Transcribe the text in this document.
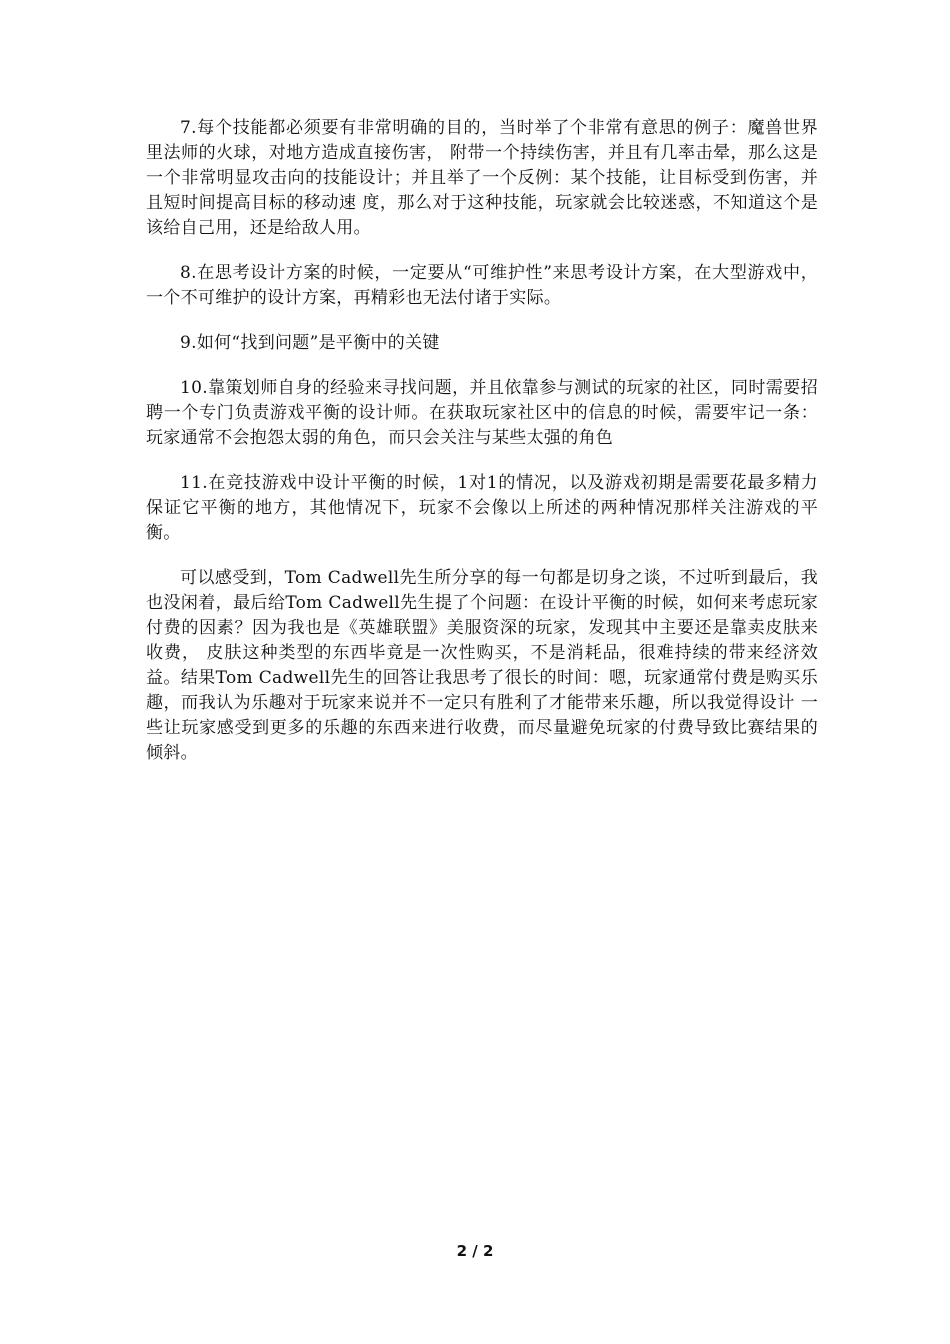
7.每个技能都必须要有非常明确的目的，当时举了个非常有意思的例子：魔兽世界里法师的火球，对地方造成直接伤害， 附带一个持续伤害，并且有几率击晕，那么这是一个非常明显攻击向的技能设计；并且举了一个反例：某个技能，让目标受到伤害，并且短时间提高目标的移动速 度，那么对于这种技能，玩家就会比较迷惑，不知道这个是该给自己用，还是给敌人用。

8.在思考设计方案的时候，一定要从“可维护性”来思考设计方案，在大型游戏中，一个不可维护的设计方案，再精彩也无法付诸于实际。

9.如何“找到问题”是平衡中的关键

10.靠策划师自身的经验来寻找问题，并且依靠参与测试的玩家的社区，同时需要招聘一个专门负责游戏平衡的设计师。在获取玩家社区中的信息的时候，需要牢记一条：玩家通常不会抱怨太弱的角色，而只会关注与某些太强的角色

11.在竞技游戏中设计平衡的时候，1对1的情况，以及游戏初期是需要花最多精力保证它平衡的地方，其他情况下，玩家不会像以上所述的两种情况那样关注游戏的平衡。

可以感受到，Tom Cadwell先生所分享的每一句都是切身之谈，不过听到最后，我也没闲着，最后给Tom Cadwell先生提了个问题：在设计平衡的时候，如何来考虑玩家付费的因素？因为我也是《英雄联盟》美服资深的玩家，发现其中主要还是靠卖皮肤来收费， 皮肤这种类型的东西毕竟是一次性购买，不是消耗品，很难持续的带来经济效益。结果Tom Cadwell先生的回答让我思考了很长的时间：嗯，玩家通常付费是购买乐趣，而我认为乐趣对于玩家来说并不一定只有胜利了才能带来乐趣，所以我觉得设计 一些让玩家感受到更多的乐趣的东西来进行收费，而尽量避免玩家的付费导致比赛结果的倾斜。

2 / 2
